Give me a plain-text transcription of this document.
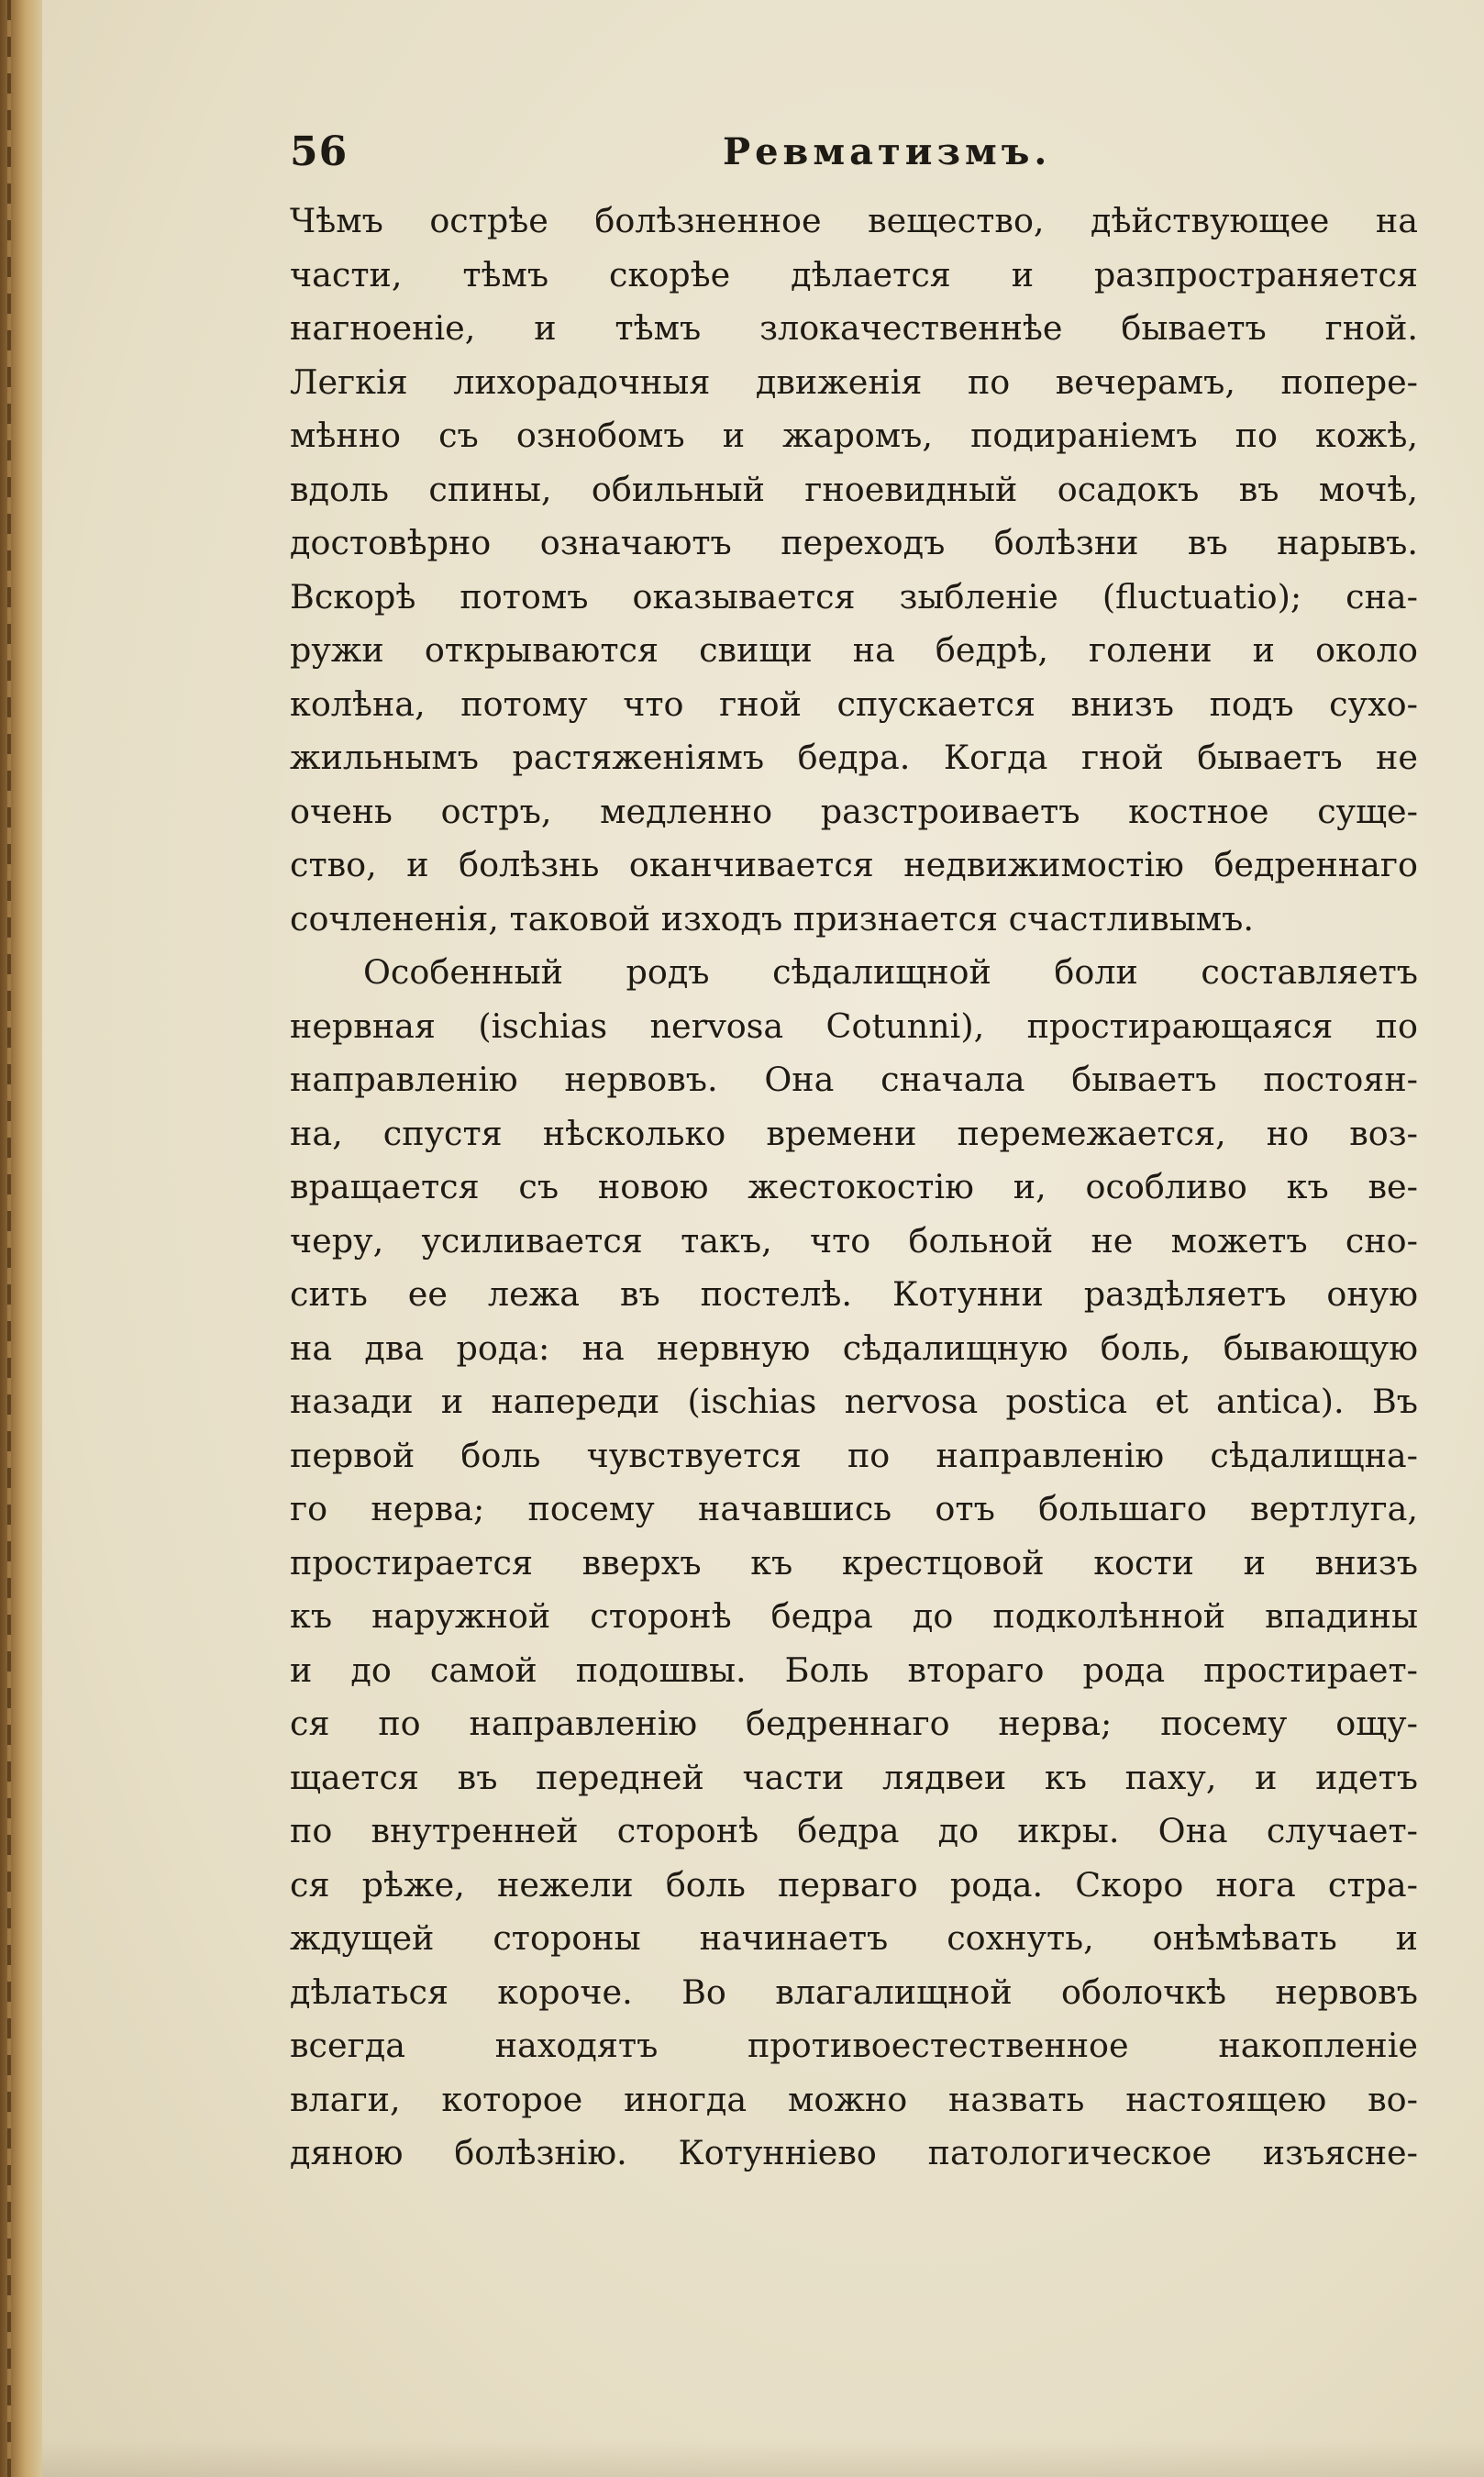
56	Ревматизмъ.
Чѣмъ острѣе болѣзненное вещество, дѣйствующее на
части, тѣмъ скорѣе дѣлается и разпространяется
нагноеніе, и тѣмъ злокачественнѣе бываетъ гной.
Легкія лихорадочныя движенія по вечерамъ, попере-
мѣнно съ ознобомъ и жаромъ, подираніемъ по кожѣ,
вдоль спины, обильный гноевидный осадокъ въ мочѣ,
достовѣрно означаютъ переходъ болѣзни въ нарывъ.
Вскорѣ потомъ оказывается зыбленіе (fluctuatio); сна-
ружи открываются свищи на бедрѣ, голени и около
колѣна, потому что гной спускается внизъ подъ сухо-
жильнымъ растяженіямъ бедра. Когда гной бываетъ не
очень остръ, медленно разстроиваетъ костное суще-
ство, и болѣзнь оканчивается недвижимостію бедреннаго
сочлененія, таковой изходъ признается счастливымъ.
Особенный родъ сѣдалищной боли составляетъ
нервная (ischias nervosa Cotunni), простирающаяся по
направленію нервовъ. Она сначала бываетъ постоян-
на, спустя нѣсколько времени перемежается, но воз-
вращается съ новою жестокостію и, особливо къ ве-
черу, усиливается такъ, что больной не можетъ сно-
сить ее лежа въ постелѣ. Котунни раздѣляетъ оную
на два рода: на нервную сѣдалищную боль, бывающую
назади и напереди (ischias nervosa postica et antica). Въ
первой боль чувствуется по направленію сѣдалищна-
го нерва; посему начавшись отъ большаго вертлуга,
простирается вверхъ къ крестцовой кости и внизъ
къ наружной сторонѣ бедра до подколѣнной впадины
и до самой подошвы. Боль втораго рода простирает-
ся по направленію бедреннаго нерва; посему ощу-
щается въ передней части лядвеи къ паху, и идетъ
по внутренней сторонѣ бедра до икры. Она случает-
ся рѣже, нежели боль перваго рода. Скоро нога стра-
ждущей стороны начинаетъ сохнуть, онѣмѣвать и
дѣлаться короче. Во влагалищной оболочкѣ нервовъ
всегда находятъ противоестественное накопленіе
влаги, которое иногда можно назвать настоящею во-
дяною болѣзнію. Котунніево патологическое изъясне-
